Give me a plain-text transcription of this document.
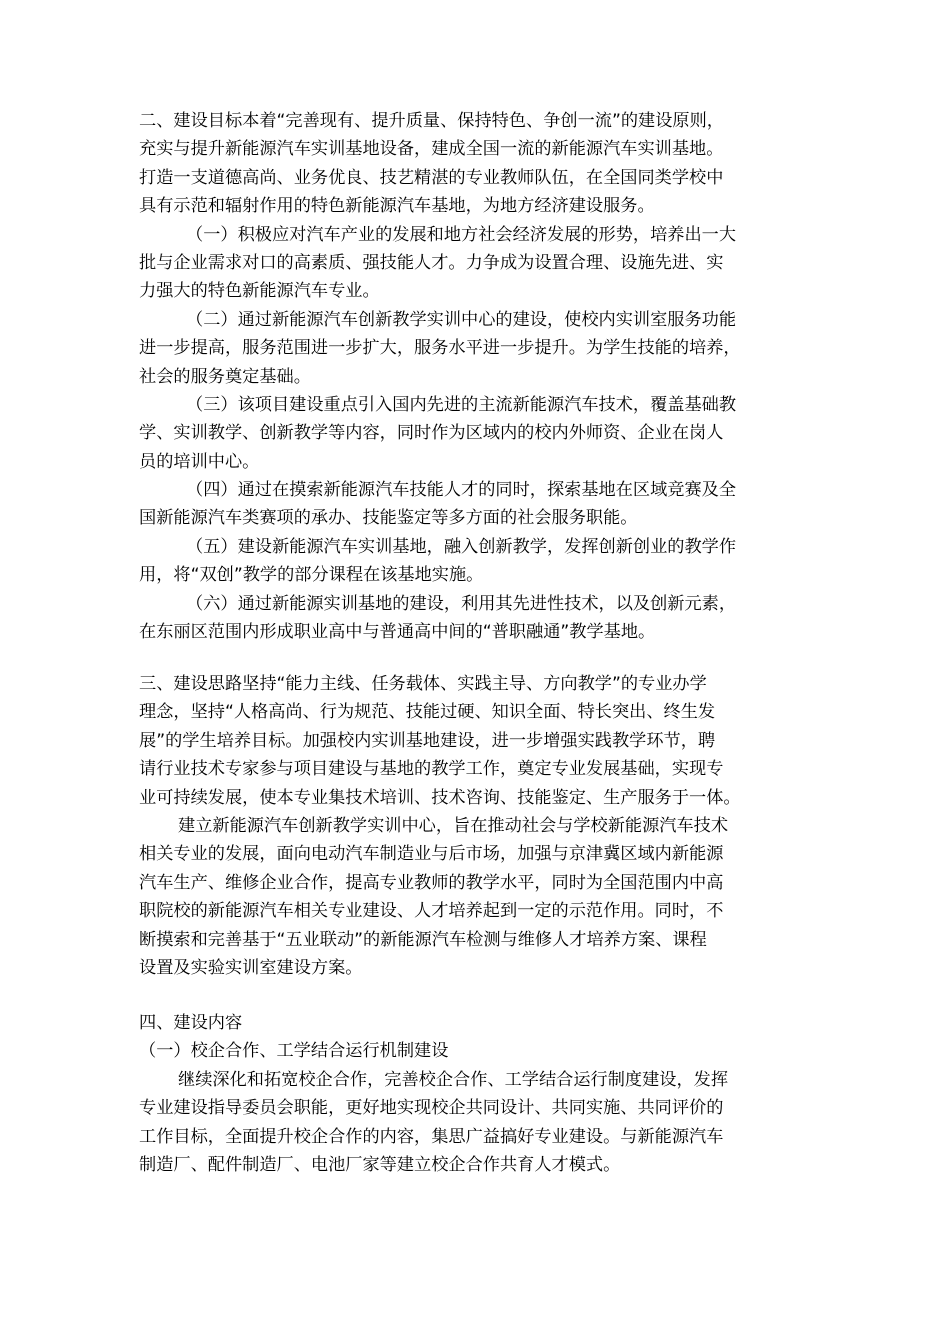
二、建设目标本着“完善现有、提升质量、保持特色、争创一流”的建设原则，
充实与提升新能源汽车实训基地设备，建成全国一流的新能源汽车实训基地。
打造一支道德高尚、业务优良、技艺精湛的专业教师队伍，在全国同类学校中
具有示范和辐射作用的特色新能源汽车基地，为地方经济建设服务。
（一）积极应对汽车产业的发展和地方社会经济发展的形势，培养出一大
批与企业需求对口的高素质、强技能人才。力争成为设置合理、设施先进、实
力强大的特色新能源汽车专业。
（二）通过新能源汽车创新教学实训中心的建设，使校内实训室服务功能
进一步提高，服务范围进一步扩大，服务水平进一步提升。为学生技能的培养，
社会的服务奠定基础。
（三）该项目建设重点引入国内先进的主流新能源汽车技术，覆盖基础教
学、实训教学、创新教学等内容，同时作为区域内的校内外师资、企业在岗人
员的培训中心。
（四）通过在摸索新能源汽车技能人才的同时，探索基地在区域竞赛及全
国新能源汽车类赛项的承办、技能鉴定等多方面的社会服务职能。
（五）建设新能源汽车实训基地，融入创新教学，发挥创新创业的教学作
用，将“双创”教学的部分课程在该基地实施。
（六）通过新能源实训基地的建设，利用其先进性技术，以及创新元素，
在东丽区范围内形成职业高中与普通高中间的“普职融通”教学基地。
三、建设思路坚持“能力主线、任务载体、实践主导、方向教学”的专业办学
理念，坚持“人格高尚、行为规范、技能过硬、知识全面、特长突出、终生发
展”的学生培养目标。加强校内实训基地建设，进一步增强实践教学环节，聘
请行业技术专家参与项目建设与基地的教学工作，奠定专业发展基础，实现专
业可持续发展，使本专业集技术培训、技术咨询、技能鉴定、生产服务于一体。
建立新能源汽车创新教学实训中心，旨在推动社会与学校新能源汽车技术
相关专业的发展，面向电动汽车制造业与后市场，加强与京津冀区域内新能源
汽车生产、维修企业合作，提高专业教师的教学水平，同时为全国范围内中高
职院校的新能源汽车相关专业建设、人才培养起到一定的示范作用。同时，不
断摸索和完善基于“五业联动”的新能源汽车检测与维修人才培养方案、课程
设置及实验实训室建设方案。
四、建设内容
（一）校企合作、工学结合运行机制建设
继续深化和拓宽校企合作，完善校企合作、工学结合运行制度建设，发挥
专业建设指导委员会职能，更好地实现校企共同设计、共同实施、共同评价的
工作目标，全面提升校企合作的内容，集思广益搞好专业建设。与新能源汽车
制造厂、配件制造厂、电池厂家等建立校企合作共育人才模式。
